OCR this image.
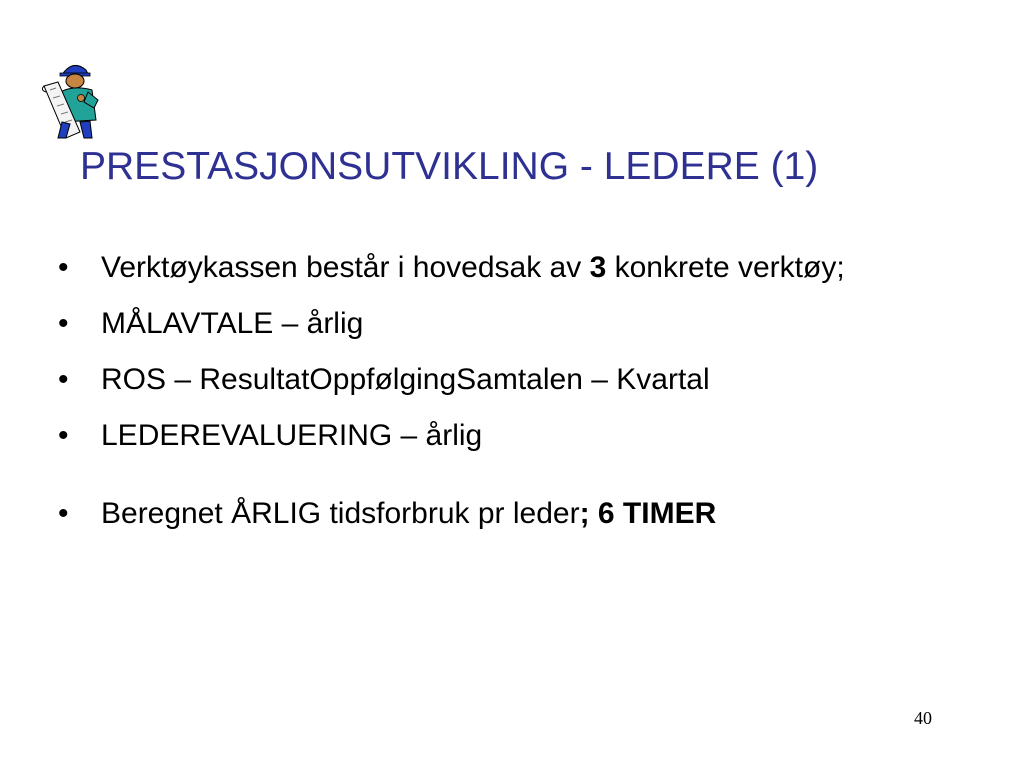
PRESTASJONSUTVIKLING - LEDERE (1)
• Verktøykassen består i hovedsak av 3 konkrete verktøy;
• MÅLAVTALE – årlig
• ROS – ResultatOppfølgingSamtalen – Kvartal
• LEDEREVALUERING – årlig
• Beregnet ÅRLIG tidsforbruk pr leder; 6 TIMER
40
